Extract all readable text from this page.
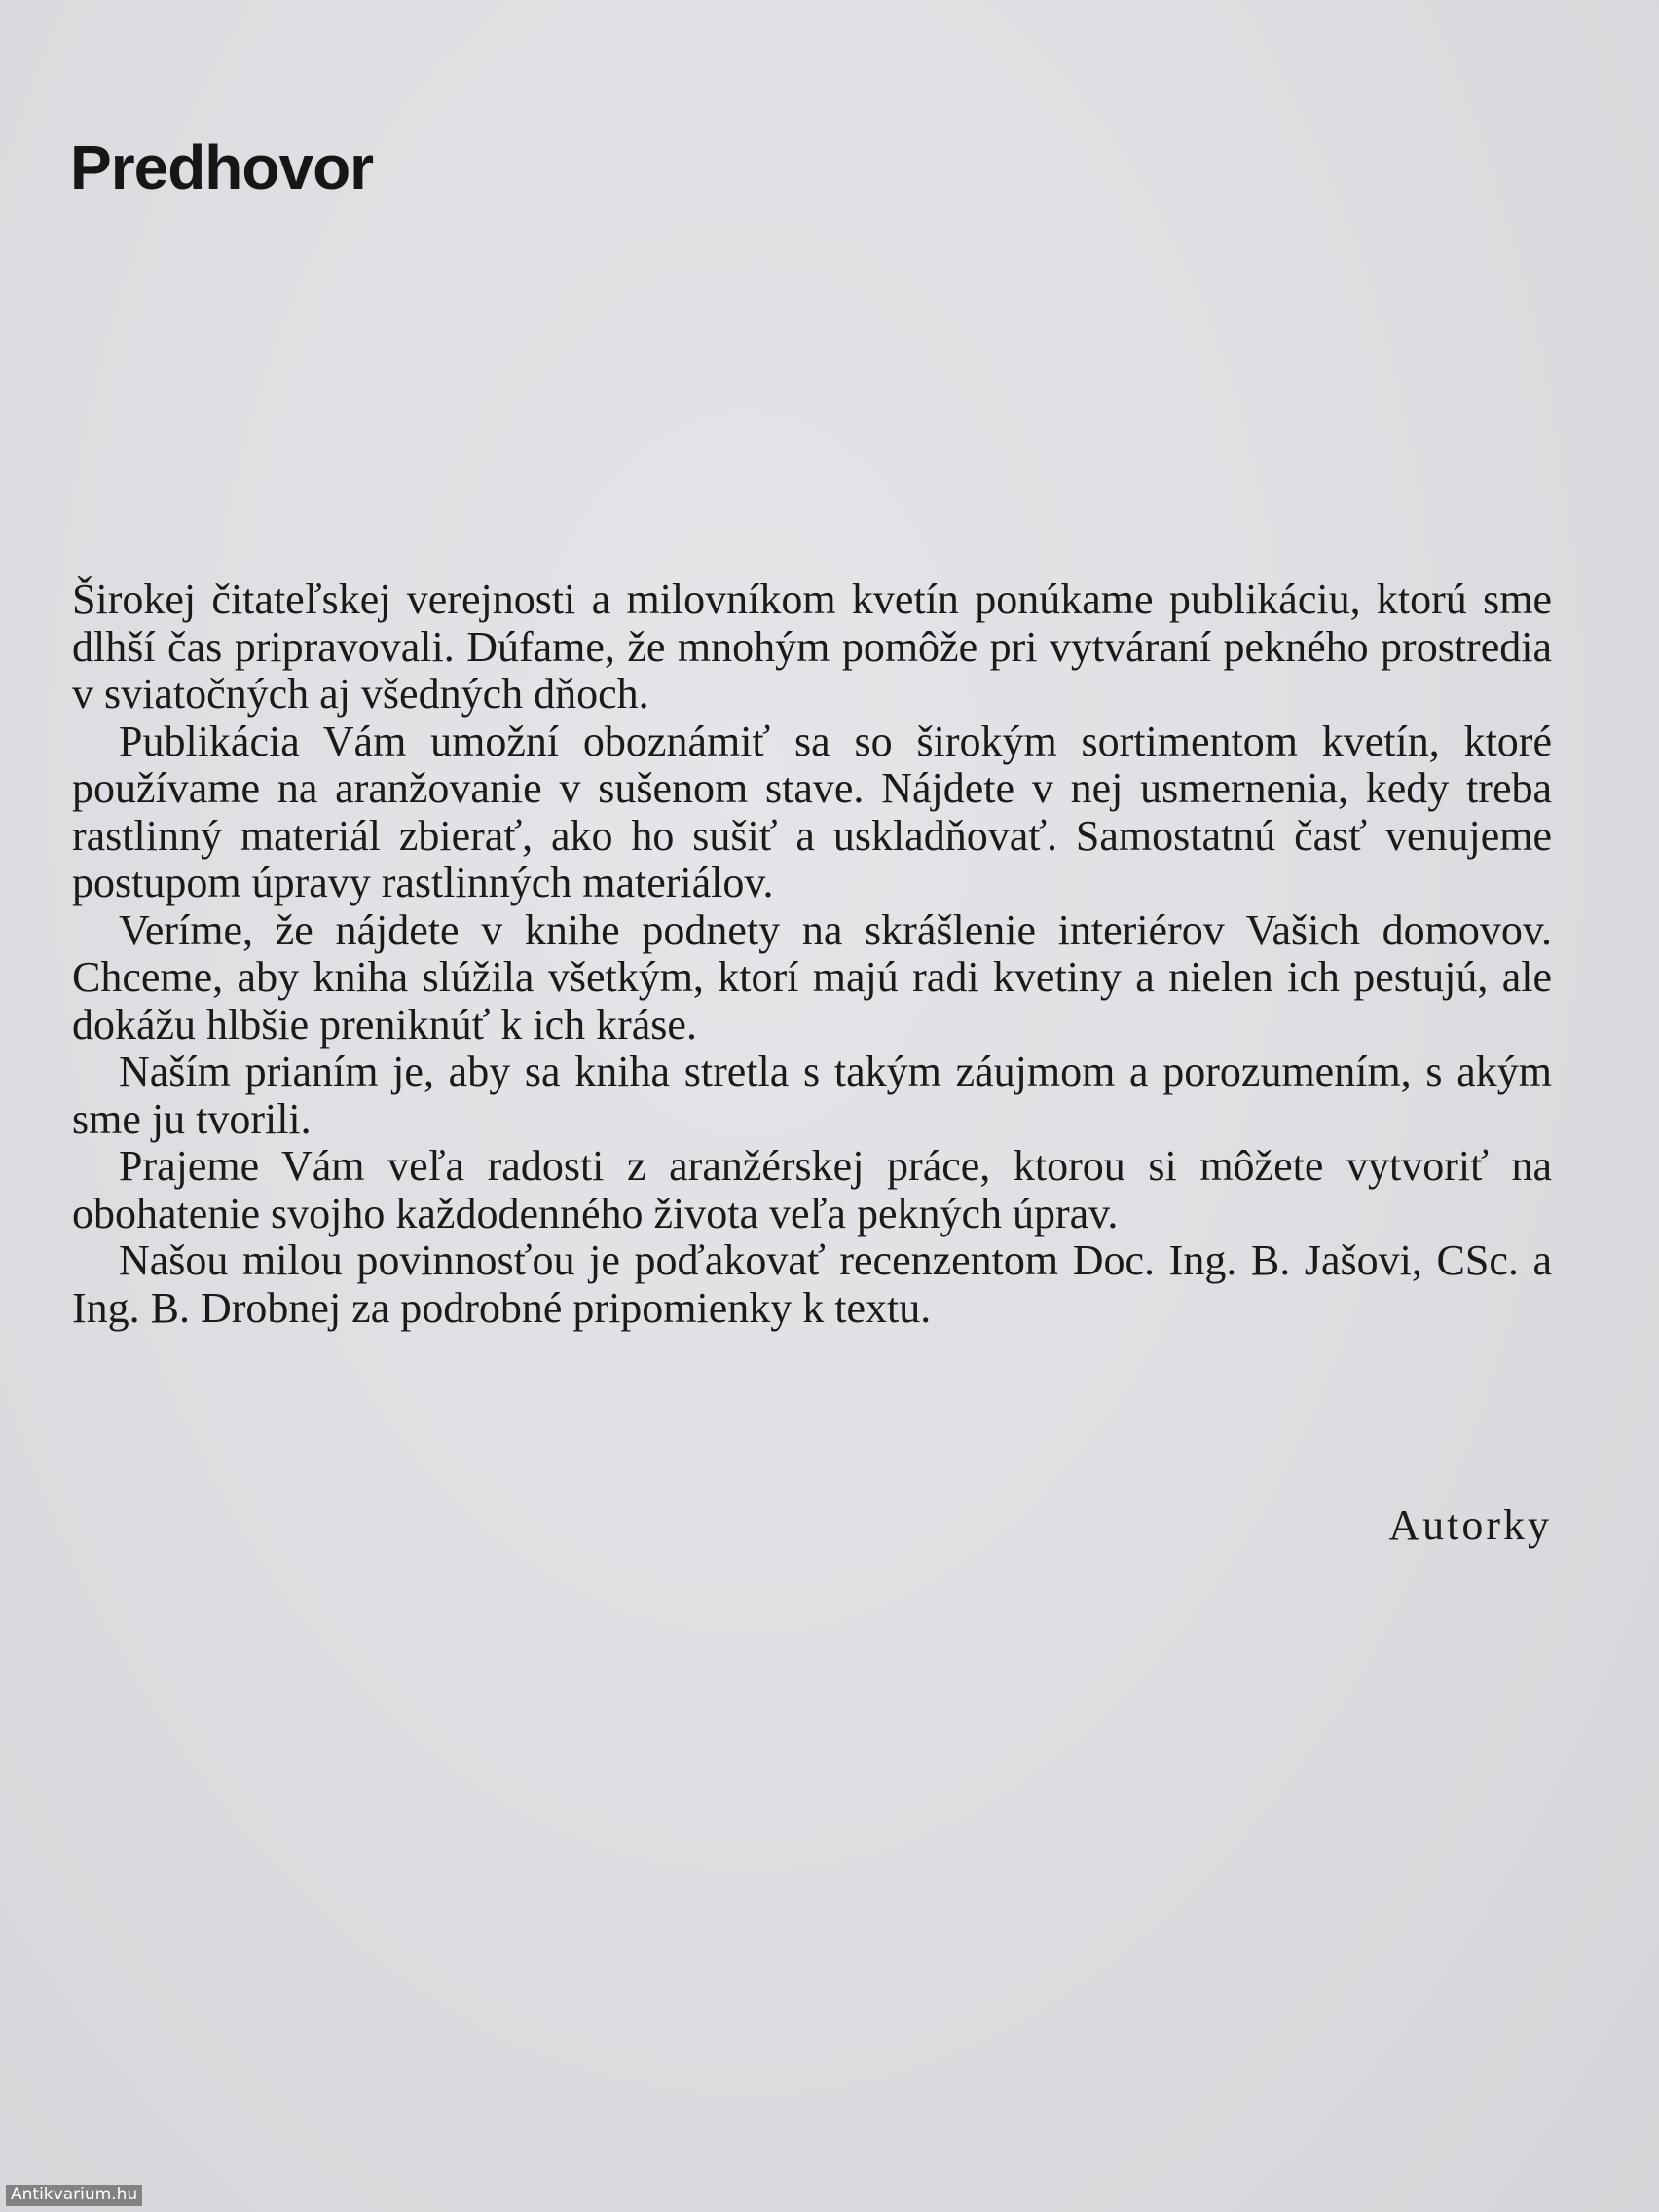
Predhovor

Širokej čitateľskej verejnosti a milovníkom kvetín ponúkame publikáciu, ktorú sme dlhší čas pripravovali. Dúfame, že mnohým pomôže pri vytváraní pekného prostredia v sviatočných aj všedných dňoch.

Publikácia Vám umožní oboznámiť sa so širokým sortimentom kvetín, ktoré používame na aranžovanie v sušenom stave. Nájdete v nej usmernenia, kedy treba rastlinný materiál zbierať, ako ho sušiť a uskladňovať. Samostatnú časť venujeme postupom úpravy rastlinných materiálov.

Veríme, že nájdete v knihe podnety na skrášlenie interiérov Vašich domovov. Chceme, aby kniha slúžila všetkým, ktorí majú radi kvetiny a nielen ich pestujú, ale dokážu hlbšie preniknúť k ich kráse.

Naším prianím je, aby sa kniha stretla s takým záujmom a porozumením, s akým sme ju tvorili.

Prajeme Vám veľa radosti z aranžérskej práce, ktorou si môžete vytvoriť na obohatenie svojho každodenného života veľa pekných úprav.

Našou milou povinnosťou je poďakovať recenzentom Doc. Ing. B. Jašovi, CSc. a Ing. B. Drobnej za podrobné pripomienky k textu.

Autorky
Antikvarium.hu
